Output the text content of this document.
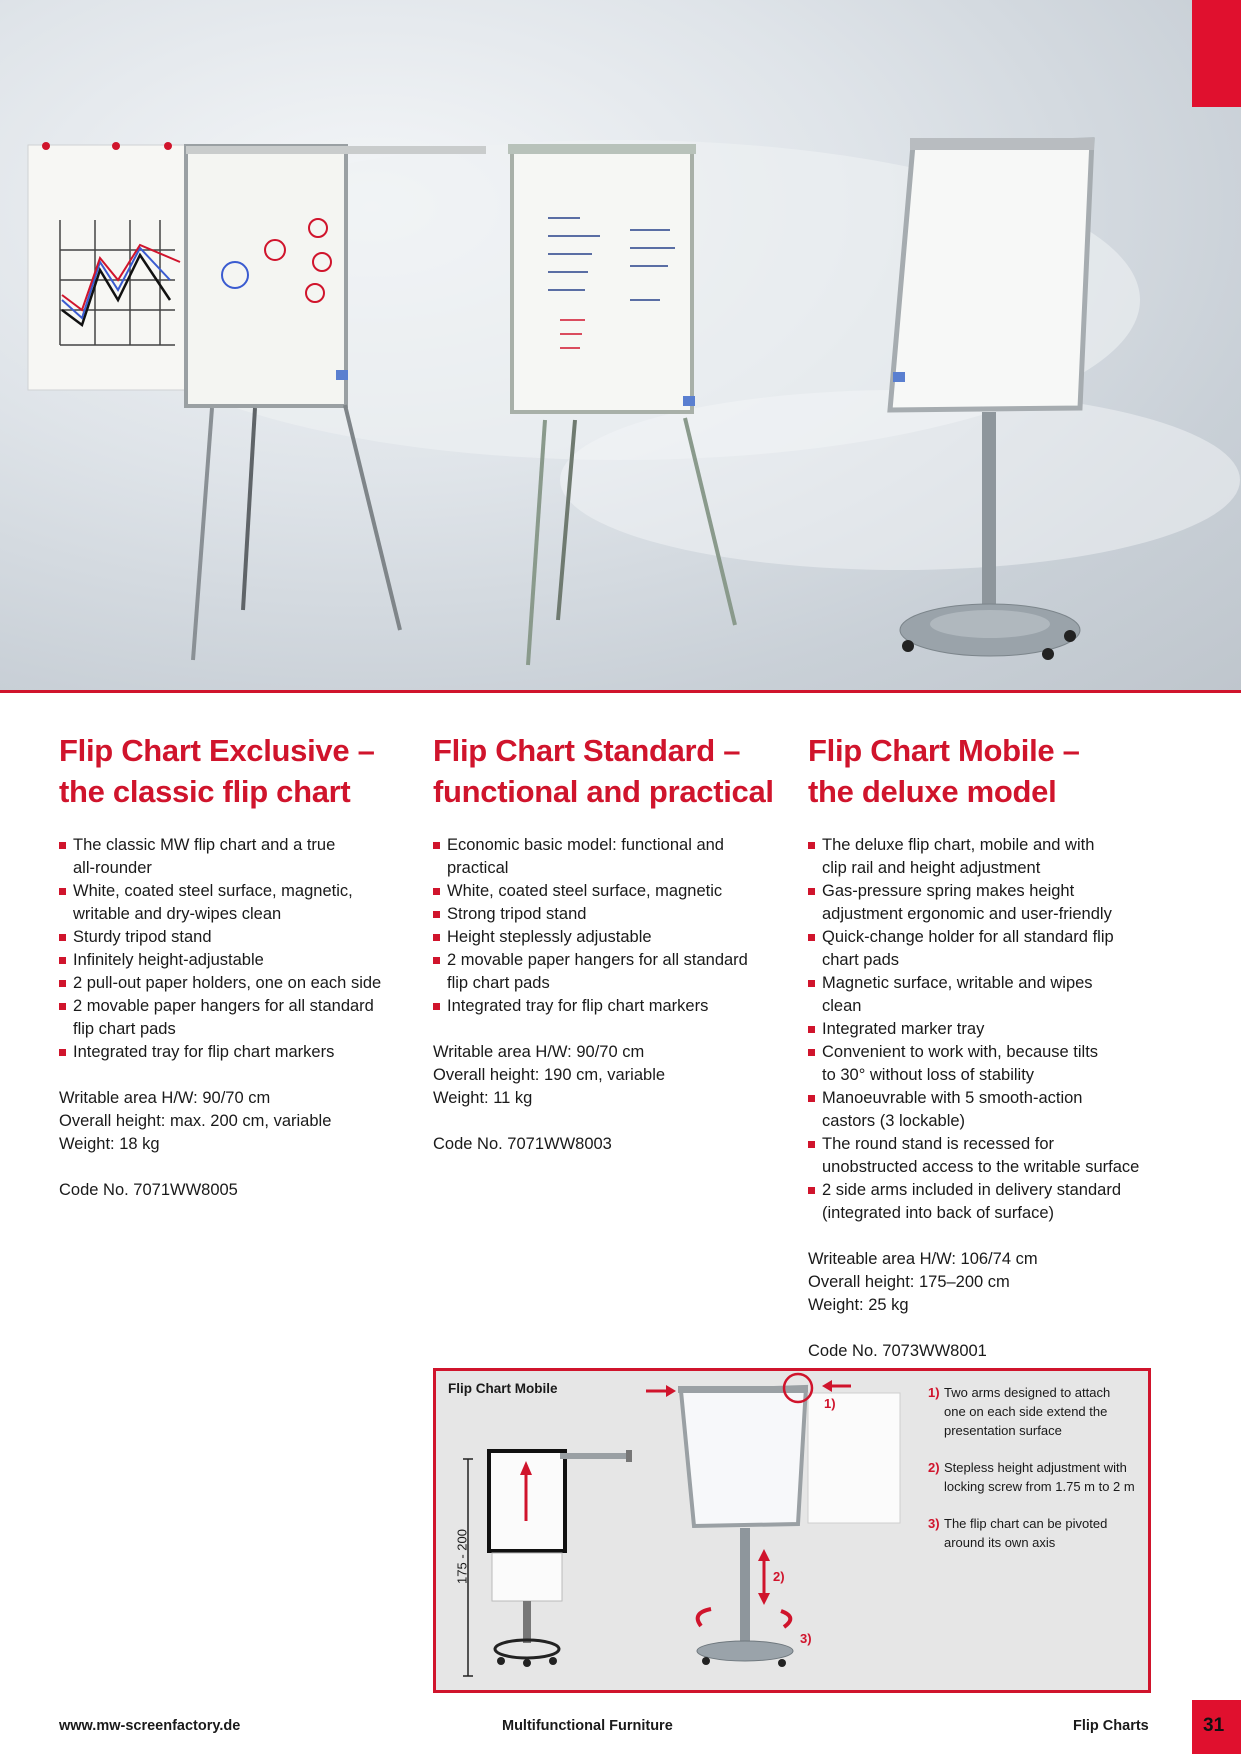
Flip Chart Exclusive –
the classic flip chart
The classic MW flip chart and a true
all-rounder
White, coated steel surface, magnetic,
writable and dry-wipes clean
Sturdy tripod stand
Infinitely height-adjustable
2 pull-out paper holders, one on each side
2 movable paper hangers for all standard
flip chart pads
Integrated tray for flip chart markers
Writable area H/W: 90/70 cm
Overall height: max. 200 cm, variable
Weight: 18 kg
Code No. 7071WW8005
Flip Chart Standard –
functional and practical
Economic basic model: functional and
practical
White, coated steel surface, magnetic
Strong tripod stand
Height steplessly adjustable
2 movable paper hangers for all standard
flip chart pads
Integrated tray for flip chart markers
Writable area H/W: 90/70 cm
Overall height: 190 cm, variable
Weight: 11 kg
Code No. 7071WW8003
Flip Chart Mobile –
the deluxe model
The deluxe flip chart, mobile and with
clip rail and height adjustment
Gas-pressure spring makes height
adjustment ergonomic and user-friendly
Quick-change holder for all standard flip
chart pads
Magnetic surface, writable and wipes
clean
Integrated marker tray
Convenient to work with, because tilts
to 30° without loss of stability
Manoeuvrable with 5 smooth-action
castors (3 lockable)
The round stand is recessed for
unobstructed access to the writable surface
2 side arms included in delivery standard
(integrated into back of surface)
Writeable area H/W: 106/74 cm
Overall height: 175–200 cm
Weight: 25 kg
Code No. 7073WW8001
Flip Chart Mobile
175 - 200
1)
2)
3)
1) Two arms designed to attach
one on each side extend the
presentation surface
2) Stepless height adjustment with
locking screw from 1.75 m to 2 m
3) The flip chart can be pivoted
around its own axis
www.mw-screenfactory.de	Multifunctional Furniture	Flip Charts	31
